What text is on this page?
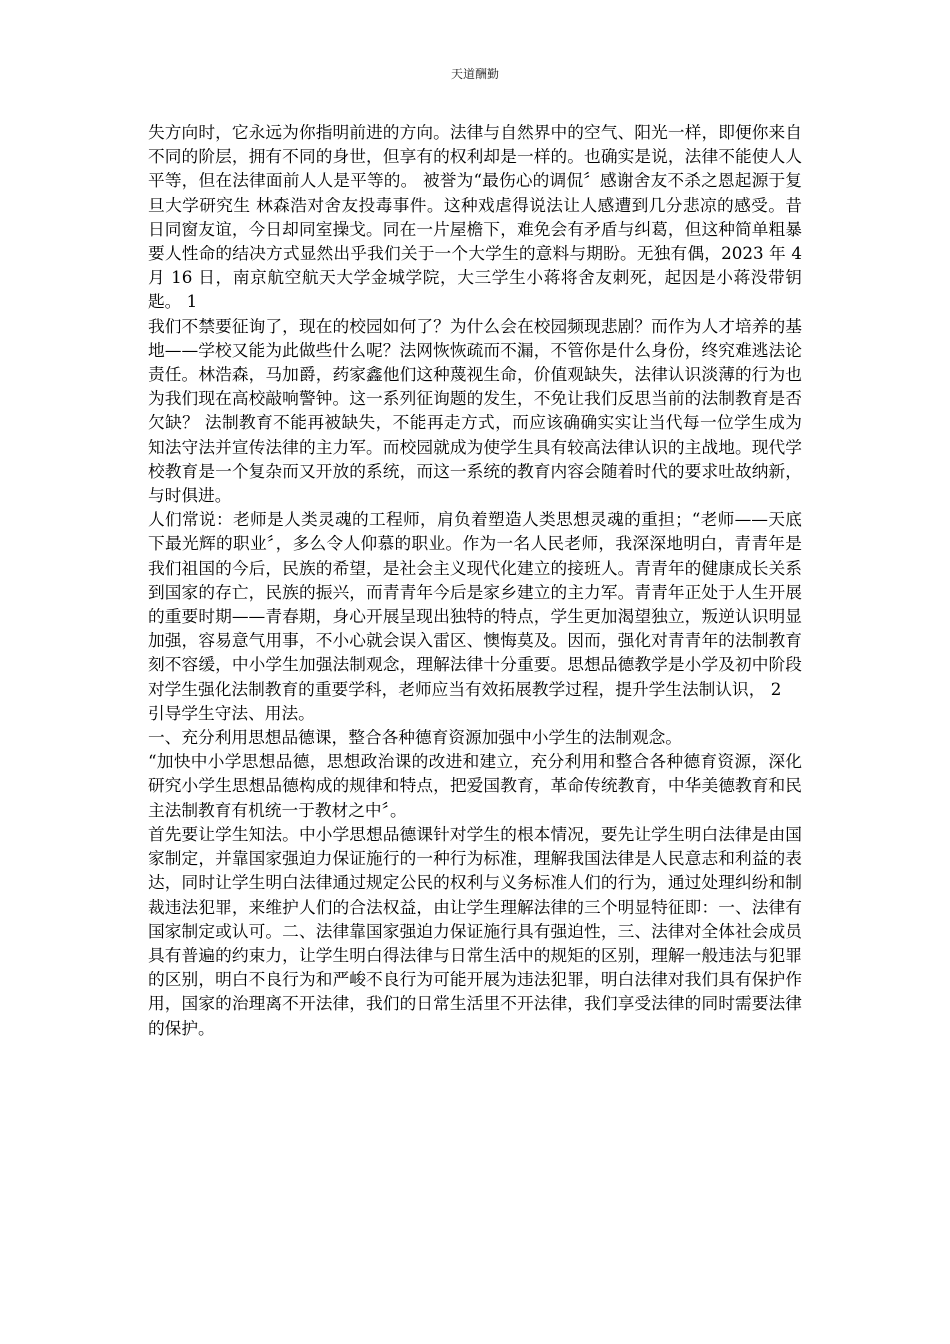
天道酬勤

失方向时，它永远为你指明前进的方向。法律与自然界中的空气、阳光一样，即便你来自不同的阶层，拥有不同的身世，但享有的权利却是一样的。也确实是说，法律不能使人人平等，但在法律面前人人是平等的。 被誉为“最伤心的调侃〞感谢舍友不杀之恩起源于复旦大学研究生 林森浩对舍友投毒事件。这种戏虐得说法让人感遭到几分悲凉的感受。昔日同窗友谊，今日却同室操戈。同在一片屋檐下，难免会有矛盾与纠葛，但这种简单粗暴要人性命的结决方式显然出乎我们关于一个大学生的意料与期盼。无独有偶，2023 年 4 月 16 日，南京航空航天大学金城学院，大三学生小蒋将舍友刺死，起因是小蒋没带钥匙。 1

我们不禁要征询了，现在的校园如何了？为什么会在校园频现悲剧？而作为人才培养的基地——学校又能为此做些什么呢？法网恢恢疏而不漏，不管你是什么身份，终究难逃法论责任。林浩森，马加爵，药家鑫他们这种蔑视生命，价值观缺失，法律认识淡薄的行为也为我们现在高校敲响警钟。这一系列征询题的发生，不免让我们反思当前的法制教育是否欠缺？ 法制教育不能再被缺失，不能再走方式，而应该确确实实让当代每一位学生成为知法守法并宣传法律的主力军。而校园就成为使学生具有较高法律认识的主战地。现代学校教育是一个复杂而又开放的系统，而这一系统的教育内容会随着时代的要求吐故纳新，与时俱进。

人们常说：老师是人类灵魂的工程师，肩负着塑造人类思想灵魂的重担；“老师——天底下最光辉的职业〞，多么令人仰慕的职业。作为一名人民老师，我深深地明白，青青年是我们祖国的今后，民族的希望，是社会主义现代化建立的接班人。青青年的健康成长关系到国家的存亡，民族的振兴，而青青年今后是家乡建立的主力军。青青年正处于人生开展的重要时期——青春期，身心开展呈现出独特的特点，学生更加渴望独立，叛逆认识明显加强，容易意气用事，不小心就会误入雷区、懊悔莫及。因而，强化对青青年的法制教育刻不容缓，中小学生加强法制观念，理解法律十分重要。思想品德教学是小学及初中阶段对学生强化法制教育的重要学科，老师应当有效拓展教学过程，提升学生法制认识， 2

引导学生守法、用法。

一、充分利用思想品德课，整合各种德育资源加强中小学生的法制观念。

“加快中小学思想品德，思想政治课的改进和建立，充分利用和整合各种德育资源，深化研究小学生思想品德构成的规律和特点，把爱国教育，革命传统教育，中华美德教育和民主法制教育有机统一于教材之中〞。

首先要让学生知法。中小学思想品德课针对学生的根本情况，要先让学生明白法律是由国家制定，并靠国家强迫力保证施行的一种行为标准，理解我国法律是人民意志和利益的表达，同时让学生明白法律通过规定公民的权利与义务标准人们的行为，通过处理纠纷和制裁违法犯罪，来维护人们的合法权益，由让学生理解法律的三个明显特征即：一、法律有国家制定或认可。二、法律靠国家强迫力保证施行具有强迫性，三、法律对全体社会成员具有普遍的约束力，让学生明白得法律与日常生活中的规矩的区别，理解一般违法与犯罪的区别，明白不良行为和严峻不良行为可能开展为违法犯罪，明白法律对我们具有保护作用，国家的治理离不开法律，我们的日常生活里不开法律，我们享受法律的同时需要法律的保护。
